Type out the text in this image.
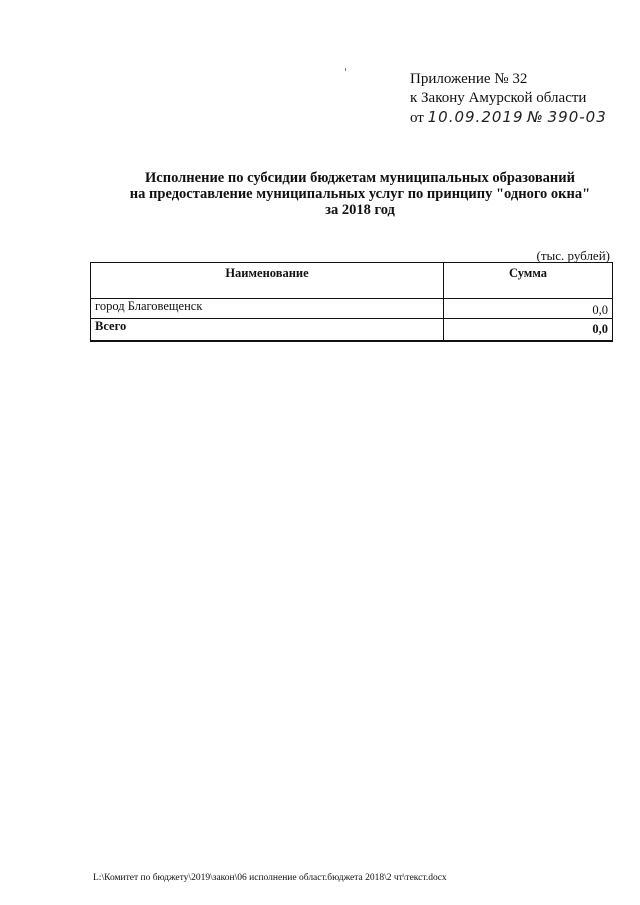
Приложение № 32
к Закону Амурской области
от 10.09.2019 № 390-03
Исполнение по субсидии бюджетам муниципальных образований
на предоставление муниципальных услуг по принципу "одного окна"
за 2018 год
(тыс. рублей)
Наименование	Сумма
город Благовещенск	0,0
Всего	0,0
L:\Комитет по бюджету\2019\закон\06 исполнение област.бюджета 2018\2 чт\текст.docx
